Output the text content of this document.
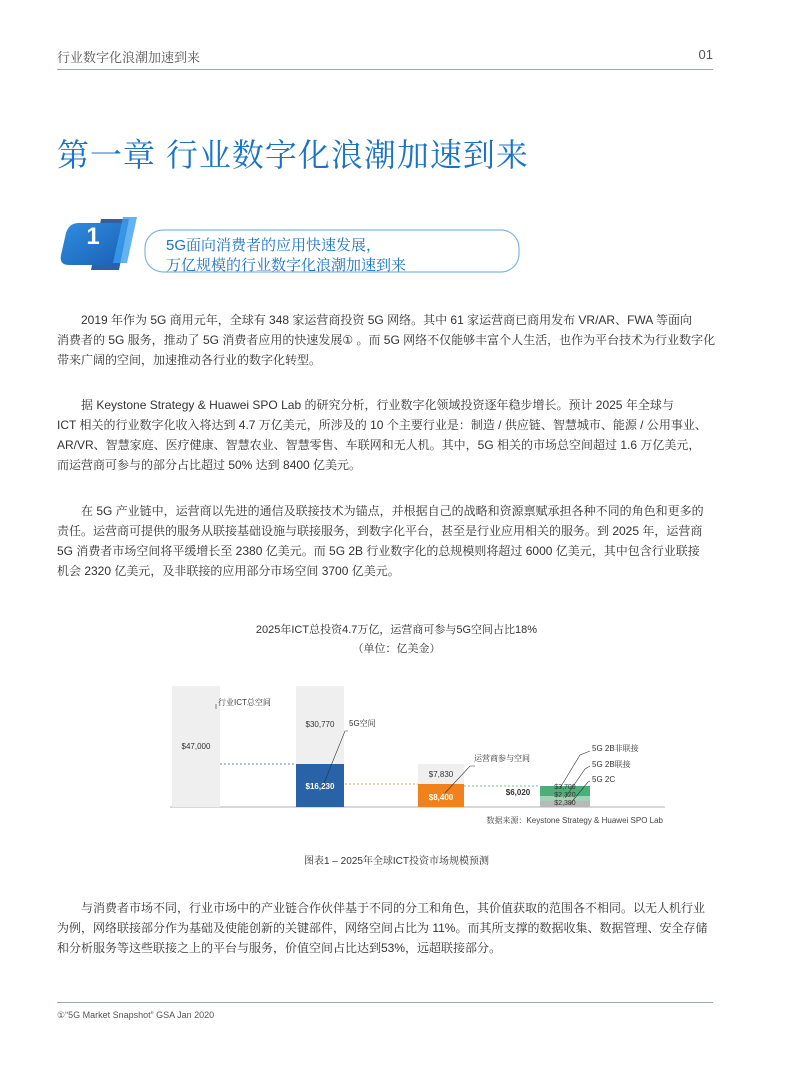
行业数字化浪潮加速到来	01
第一章 行业数字化浪潮加速到来
1	5G面向消费者的应用快速发展，
万亿规模的行业数字化浪潮加速到来
2019 年作为 5G 商用元年，全球有 348 家运营商投资 5G 网络。其中 61 家运营商已商用发布 VR/AR、FWA 等面向
消费者的 5G 服务，推动了 5G 消费者应用的快速发展① 。而 5G 网络不仅能够丰富个人生活，也作为平台技术为行业数字化
带来广阔的空间，加速推动各行业的数字化转型。
据 Keystone Strategy & Huawei SPO Lab 的研究分析，行业数字化领域投资逐年稳步增长。预计 2025 年全球与
ICT 相关的行业数字化收入将达到 4.7 万亿美元，所涉及的 10 个主要行业是：制造 / 供应链、智慧城市、能源 / 公用事业、
AR/VR、智慧家庭、医疗健康、智慧农业、智慧零售、车联网和无人机。其中，5G 相关的市场总空间超过 1.6 万亿美元，
而运营商可参与的部分占比超过 50% 达到 8400 亿美元。
在 5G 产业链中，运营商以先进的通信及联接技术为锚点，并根据自己的战略和资源禀赋承担各种不同的角色和更多的
责任。运营商可提供的服务从联接基础设施与联接服务，到数字化平台，甚至是行业应用相关的服务。到 2025 年，运营商
5G 消费者市场空间将平缓增长至 2380 亿美元。而 5G 2B 行业数字化的总规模则将超过 6000 亿美元，其中包含行业联接
机会 2320 亿美元，及非联接的应用部分市场空间 3700 亿美元。
2025年ICT总投资4.7万亿，运营商可参与5G空间占比18%
（单位：亿美金）
行业ICT总空间
5G空间
运营商参与空间
5G 2B非联接
5G 2B联接
5G 2C
$47,000
$30,770
$16,230
$7,830
$8,400
$6,020
$3,700
$2,320
$2,380
数据来源：Keystone Strategy & Huawei SPO Lab
图表1 – 2025年全球ICT投资市场规模预测
与消费者市场不同，行业市场中的产业链合作伙伴基于不同的分工和角色，其价值获取的范围各不相同。以无人机行业
为例，网络联接部分作为基础及使能创新的关键部件，网络空间占比为 11%。而其所支撑的数据收集、数据管理、安全存储
和分析服务等这些联接之上的平台与服务，价值空间占比达到53%，远超联接部分。
①“5G Market Snapshot” GSA Jan 2020
